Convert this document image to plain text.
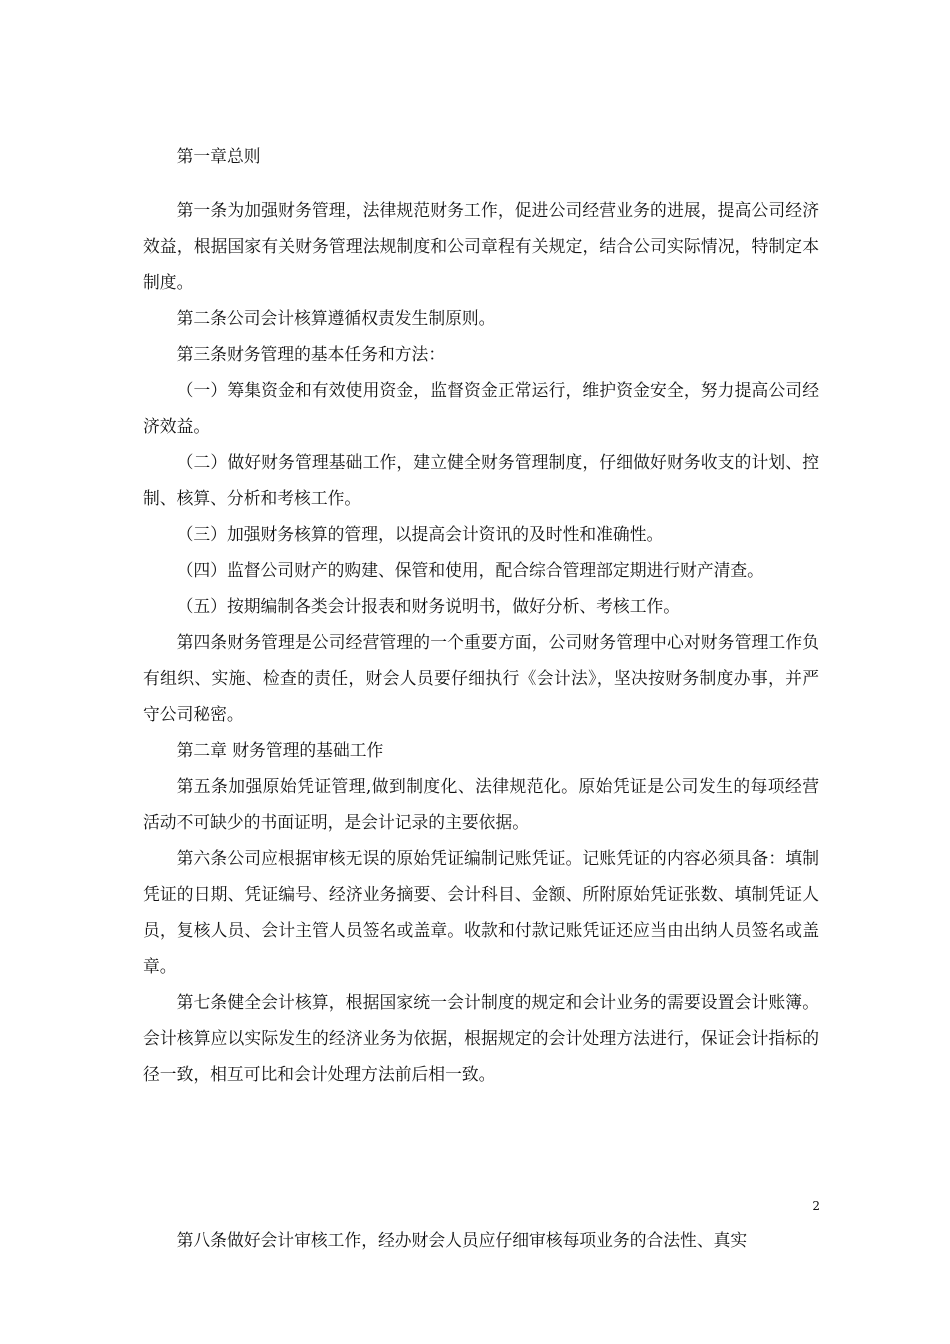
第一章总则

第一条为加强财务管理，法律规范财务工作，促进公司经营业务的进展，提高公司经济效益，根据国家有关财务管理法规制度和公司章程有关规定，结合公司实际情况，特制定本制度。

第二条公司会计核算遵循权责发生制原则。

第三条财务管理的基本任务和方法：

（一）筹集资金和有效使用资金，监督资金正常运行，维护资金安全，努力提高公司经济效益。

（二）做好财务管理基础工作，建立健全财务管理制度，仔细做好财务收支的计划、控制、核算、分析和考核工作。

（三）加强财务核算的管理，以提高会计资讯的及时性和准确性。

（四）监督公司财产的购建、保管和使用，配合综合管理部定期进行财产清查。

（五）按期编制各类会计报表和财务说明书，做好分析、考核工作。

第四条财务管理是公司经营管理的一个重要方面，公司财务管理中心对财务管理工作负有组织、实施、检查的责任，财会人员要仔细执行《会计法》，坚决按财务制度办事，并严守公司秘密。

第二章 财务管理的基础工作

第五条加强原始凭证管理,做到制度化、法律规范化。原始凭证是公司发生的每项经营活动不可缺少的书面证明，是会计记录的主要依据。

第六条公司应根据审核无误的原始凭证编制记账凭证。记账凭证的内容必须具备：填制凭证的日期、凭证编号、经济业务摘要、会计科目、金额、所附原始凭证张数、填制凭证人员，复核人员、会计主管人员签名或盖章。收款和付款记账凭证还应当由出纳人员签名或盖章。

第七条健全会计核算，根据国家统一会计制度的规定和会计业务的需要设置会计账簿。会计核算应以实际发生的经济业务为依据，根据规定的会计处理方法进行，保证会计指标的径一致，相互可比和会计处理方法前后相一致。

2

第八条做好会计审核工作，经办财会人员应仔细审核每项业务的合法性、真实
